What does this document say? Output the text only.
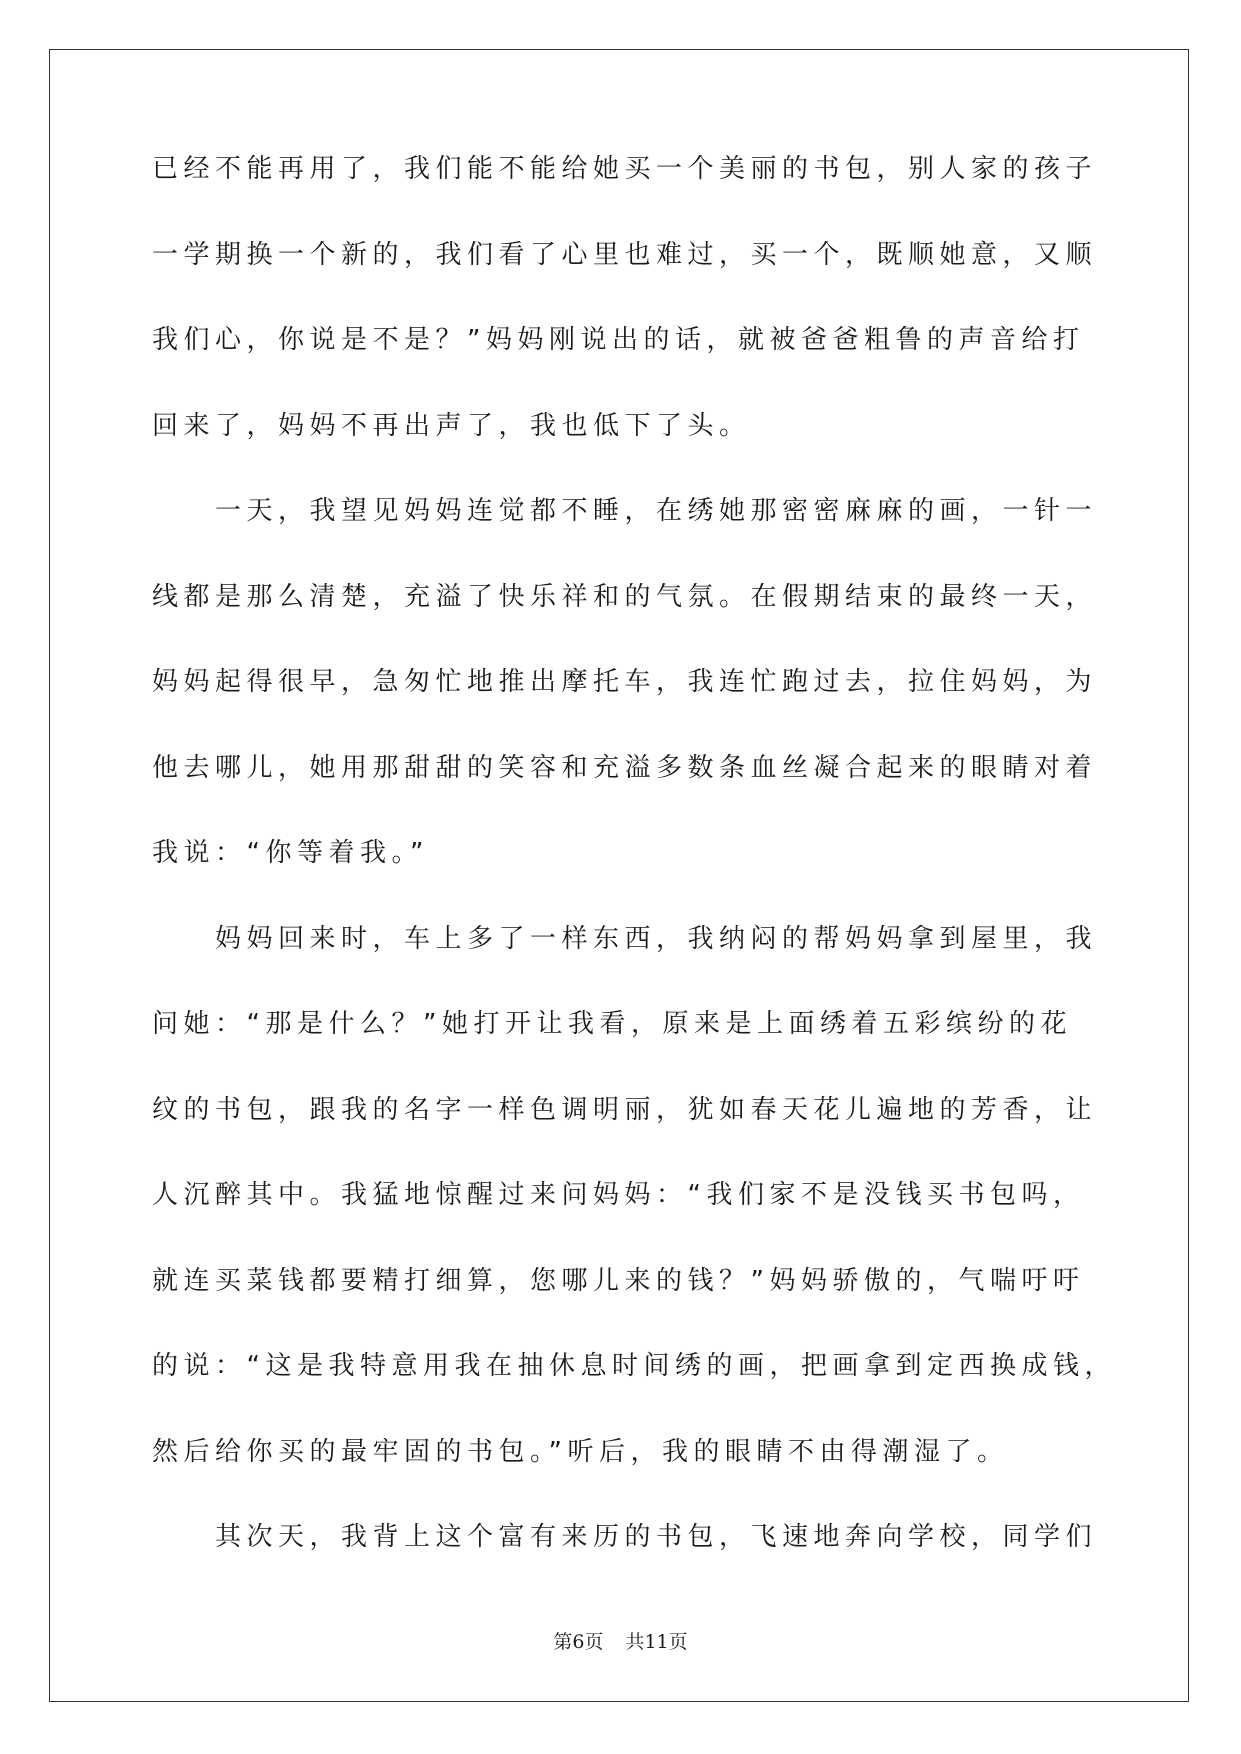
已经不能再用了，我们能不能给她买一个美丽的书包，别人家的孩子
一学期换一个新的，我们看了心里也难过，买一个，既顺她意，又顺
我们心，你说是不是？”妈妈刚说出的话，就被爸爸粗鲁的声音给打
回来了，妈妈不再出声了，我也低下了头。
　　一天，我望见妈妈连觉都不睡，在绣她那密密麻麻的画，一针一
线都是那么清楚，充溢了快乐祥和的气氛。在假期结束的最终一天，
妈妈起得很早，急匆忙地推出摩托车，我连忙跑过去，拉住妈妈，为
他去哪儿，她用那甜甜的笑容和充溢多数条血丝凝合起来的眼睛对着
我说：“你等着我。”
　　妈妈回来时，车上多了一样东西，我纳闷的帮妈妈拿到屋里，我
问她：“那是什么？”她打开让我看，原来是上面绣着五彩缤纷的花
纹的书包，跟我的名字一样色调明丽，犹如春天花儿遍地的芳香，让
人沉醉其中。我猛地惊醒过来问妈妈：“我们家不是没钱买书包吗，
就连买菜钱都要精打细算，您哪儿来的钱？”妈妈骄傲的，气喘吁吁
的说：“这是我特意用我在抽休息时间绣的画，把画拿到定西换成钱，
然后给你买的最牢固的书包。”听后，我的眼睛不由得潮湿了。
　　其次天，我背上这个富有来历的书包，飞速地奔向学校，同学们
第6页 共11页
